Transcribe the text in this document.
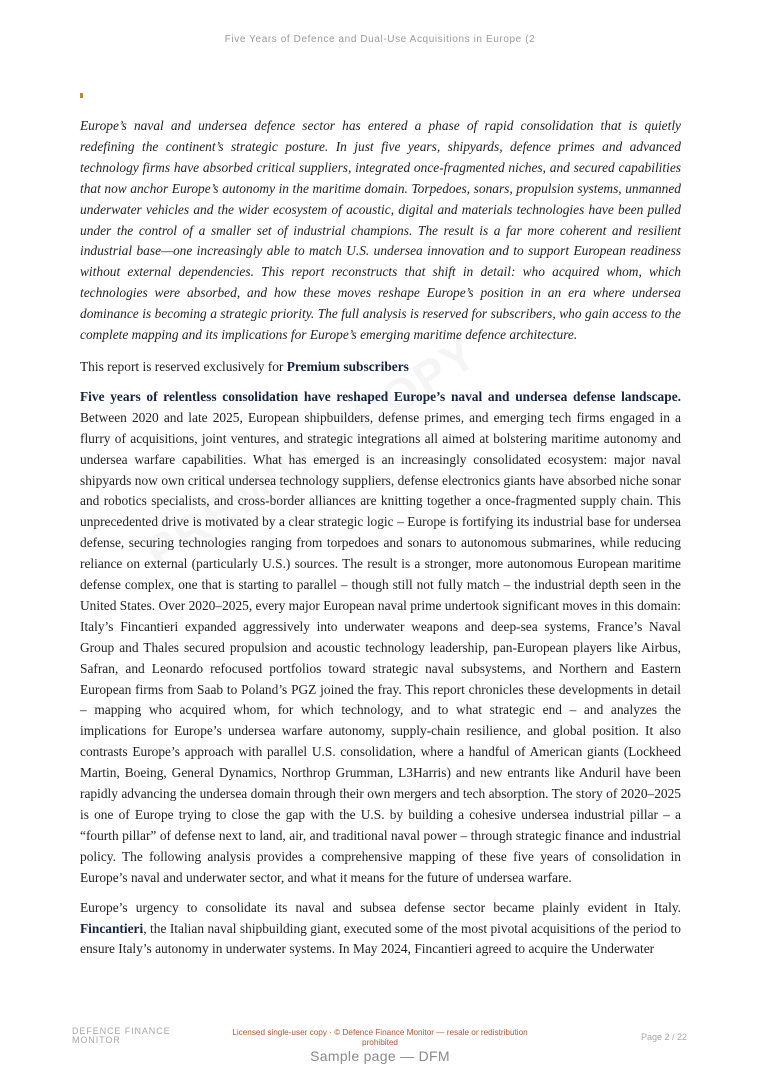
Five Years of Defence and Dual-Use Acquisitions in Europe (2

Europe’s naval and undersea defence sector has entered a phase of rapid consolidation that is quietly redefining the continent’s strategic posture. In just five years, shipyards, defence primes and advanced technology firms have absorbed critical suppliers, integrated once-fragmented niches, and secured capabilities that now anchor Europe’s autonomy in the maritime domain. Torpedoes, sonars, propulsion systems, unmanned underwater vehicles and the wider ecosystem of acoustic, digital and materials technologies have been pulled under the control of a smaller set of industrial champions. The result is a far more coherent and resilient industrial base—one increasingly able to match U.S. undersea innovation and to support European readiness without external dependencies. This report reconstructs that shift in detail: who acquired whom, which technologies were absorbed, and how these moves reshape Europe’s position in an era where undersea dominance is becoming a strategic priority. The full analysis is reserved for subscribers, who gain access to the complete mapping and its implications for Europe’s emerging maritime defence architecture.

This report is reserved exclusively for Premium subscribers

Five years of relentless consolidation have reshaped Europe’s naval and undersea defense landscape. Between 2020 and late 2025, European shipbuilders, defense primes, and emerging tech firms engaged in a flurry of acquisitions, joint ventures, and strategic integrations all aimed at bolstering maritime autonomy and undersea warfare capabilities. What has emerged is an increasingly consolidated ecosystem: major naval shipyards now own critical undersea technology suppliers, defense electronics giants have absorbed niche sonar and robotics specialists, and cross-border alliances are knitting together a once-fragmented supply chain. This unprecedented drive is motivated by a clear strategic logic – Europe is fortifying its industrial base for undersea defense, securing technologies ranging from torpedoes and sonars to autonomous submarines, while reducing reliance on external (particularly U.S.) sources. The result is a stronger, more autonomous European maritime defense complex, one that is starting to parallel – though still not fully match – the industrial depth seen in the United States. Over 2020–2025, every major European naval prime undertook significant moves in this domain: Italy’s Fincantieri expanded aggressively into underwater weapons and deep-sea systems, France’s Naval Group and Thales secured propulsion and acoustic technology leadership, pan-European players like Airbus, Safran, and Leonardo refocused portfolios toward strategic naval subsystems, and Northern and Eastern European firms from Saab to Poland’s PGZ joined the fray. This report chronicles these developments in detail – mapping who acquired whom, for which technology, and to what strategic end – and analyzes the implications for Europe’s undersea warfare autonomy, supply-chain resilience, and global position. It also contrasts Europe’s approach with parallel U.S. consolidation, where a handful of American giants (Lockheed Martin, Boeing, General Dynamics, Northrop Grumman, L3Harris) and new entrants like Anduril have been rapidly advancing the undersea domain through their own mergers and tech absorption. The story of 2020–2025 is one of Europe trying to close the gap with the U.S. by building a cohesive undersea industrial pillar – a “fourth pillar” of defense next to land, air, and traditional naval power – through strategic finance and industrial policy. The following analysis provides a comprehensive mapping of these five years of consolidation in Europe’s naval and underwater sector, and what it means for the future of undersea warfare.

Europe’s urgency to consolidate its naval and subsea defense sector became plainly evident in Italy. Fincantieri, the Italian naval shipbuilding giant, executed some of the most pivotal acquisitions of the period to ensure Italy’s autonomy in underwater systems. In May 2024, Fincantieri agreed to acquire the Underwater

DEFENCE FINANCE
MONITOR
Licensed single-user copy · © Defence Finance Monitor — resale or redistribution
prohibited	Page 2 / 22
Sample page — DFM
